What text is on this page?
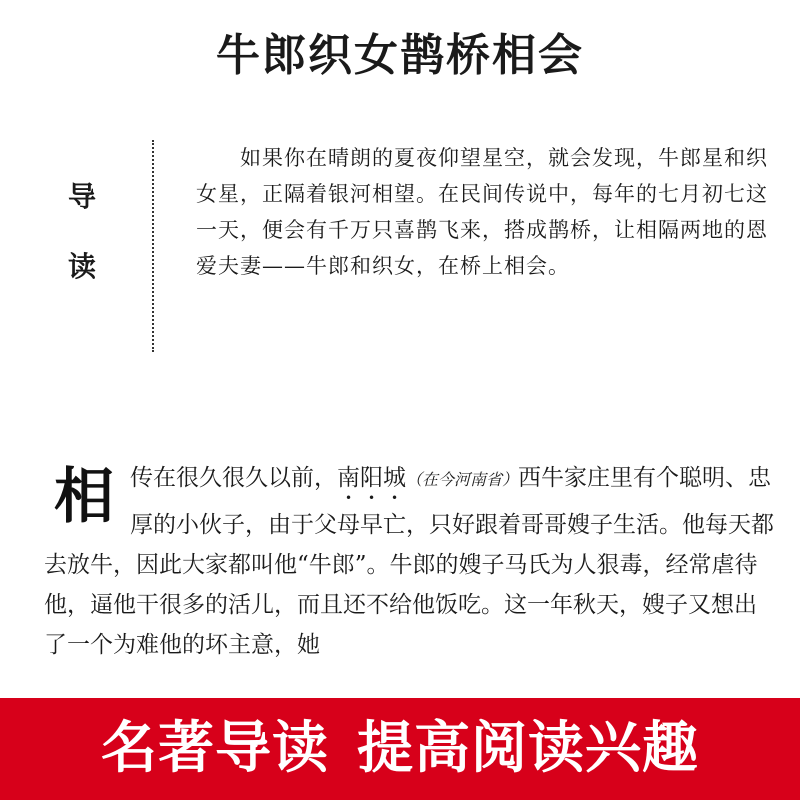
牛郎织女鹊桥相会
导
读

　　如果你在晴朗的夏夜仰望星空，就会发现，牛郎星和织女星，正隔着银河相望。在民间传说中，每年的七月初七这一天，便会有千万只喜鹊飞来，搭成鹊桥，让相隔两地的恩爱夫妻——牛郎和织女，在桥上相会。

相传在很久很久以前，南阳城（在今河南省）西牛家庄里有个聪明、忠厚的小伙子，由于父母早亡，只好跟着哥哥嫂子生活。他每天都去放牛，因此大家都叫他“牛郎”。牛郎的嫂子马氏为人狠毒，经常虐待他，逼他干很多的活儿，而且还不给他饭吃。这一年秋天，嫂子又想出了一个为难他的坏主意，她

名著导读 提高阅读兴趣
